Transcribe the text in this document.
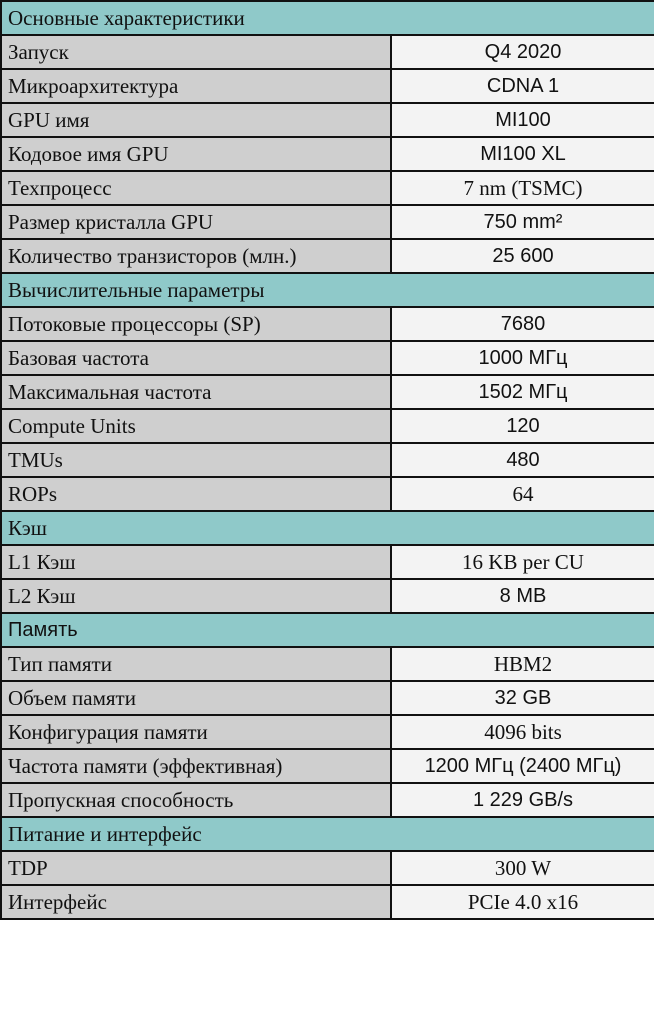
Основные характеристики	
Запуск	Q4 2020
Микроархитектура	CDNA 1
GPU имя	MI100
Кодовое имя GPU	MI100 XL
Техпроцесс	7 nm (TSMC)
Размер кристалла GPU	750 mm²
Количество транзисторов (млн.)	25 600
Вычислительные параметры	
Потоковые процессоры (SP)	7680
Базовая частота	1000 МГц
Максимальная частота	1502 МГц
Compute Units	120
TMUs	480
ROPs	64
Кэш	
L1 Кэш	16 KB per CU
L2 Кэш	8 MB
Память	
Тип памяти	HBM2
Объем памяти	32 GB
Конфигурация памяти	4096 bits
Частота памяти (эффективная)	1200 МГц (2400 МГц)
Пропускная способность	1 229 GB/s
Питание и интерфейс	
TDP	300 W
Интерфейс	PCIe 4.0 x16
